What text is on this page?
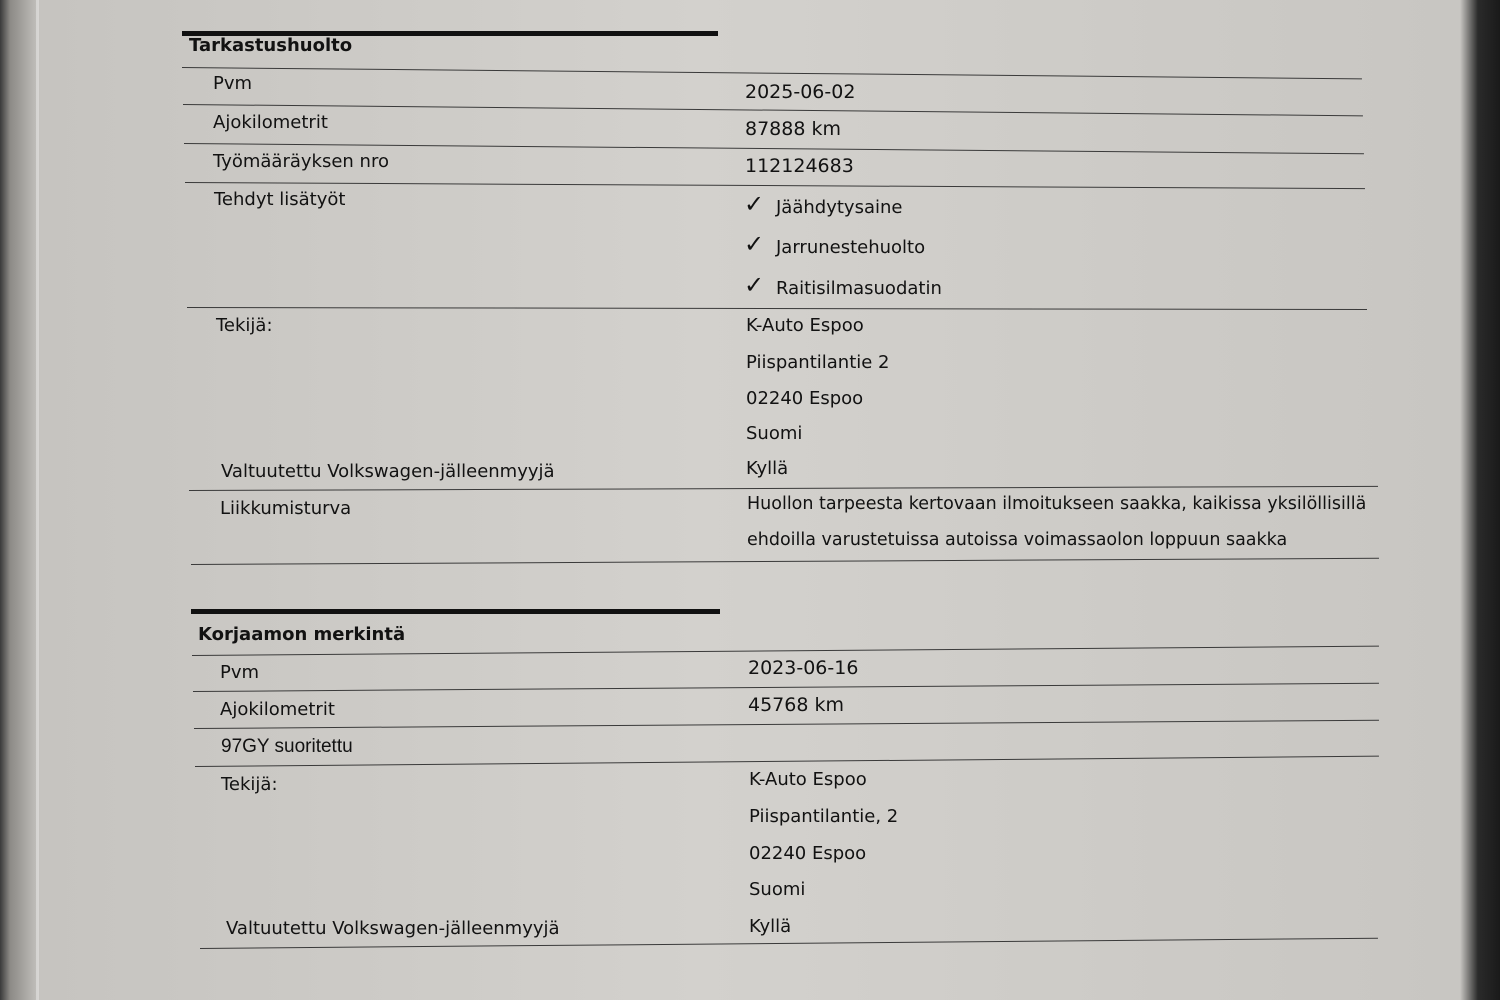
Tarkastushuolto
Pvm	2025-06-02
Ajokilometrit	87888 km
Työmääräyksen nro	112124683
Tehdyt lisätyöt	✓ Jäähdytysaine
✓ Jarrunestehuolto
✓ Raitisilmasuodatin
Tekijä:	K-Auto Espoo
Piispantilantie 2
02240 Espoo
Suomi
Valtuutettu Volkswagen-jälleenmyyjä	Kyllä
Liikkumisturva	Huollon tarpeesta kertovaan ilmoitukseen saakka, kaikissa yksilöllisillä
ehdoilla varustetuissa autoissa voimassaolon loppuun saakka
Korjaamon merkintä
Pvm	2023-06-16
Ajokilometrit	45768 km
97GY suoritettu
Tekijä:	K-Auto Espoo
Piispantilantie, 2
02240 Espoo
Suomi
Valtuutettu Volkswagen-jälleenmyyjä	Kyllä
